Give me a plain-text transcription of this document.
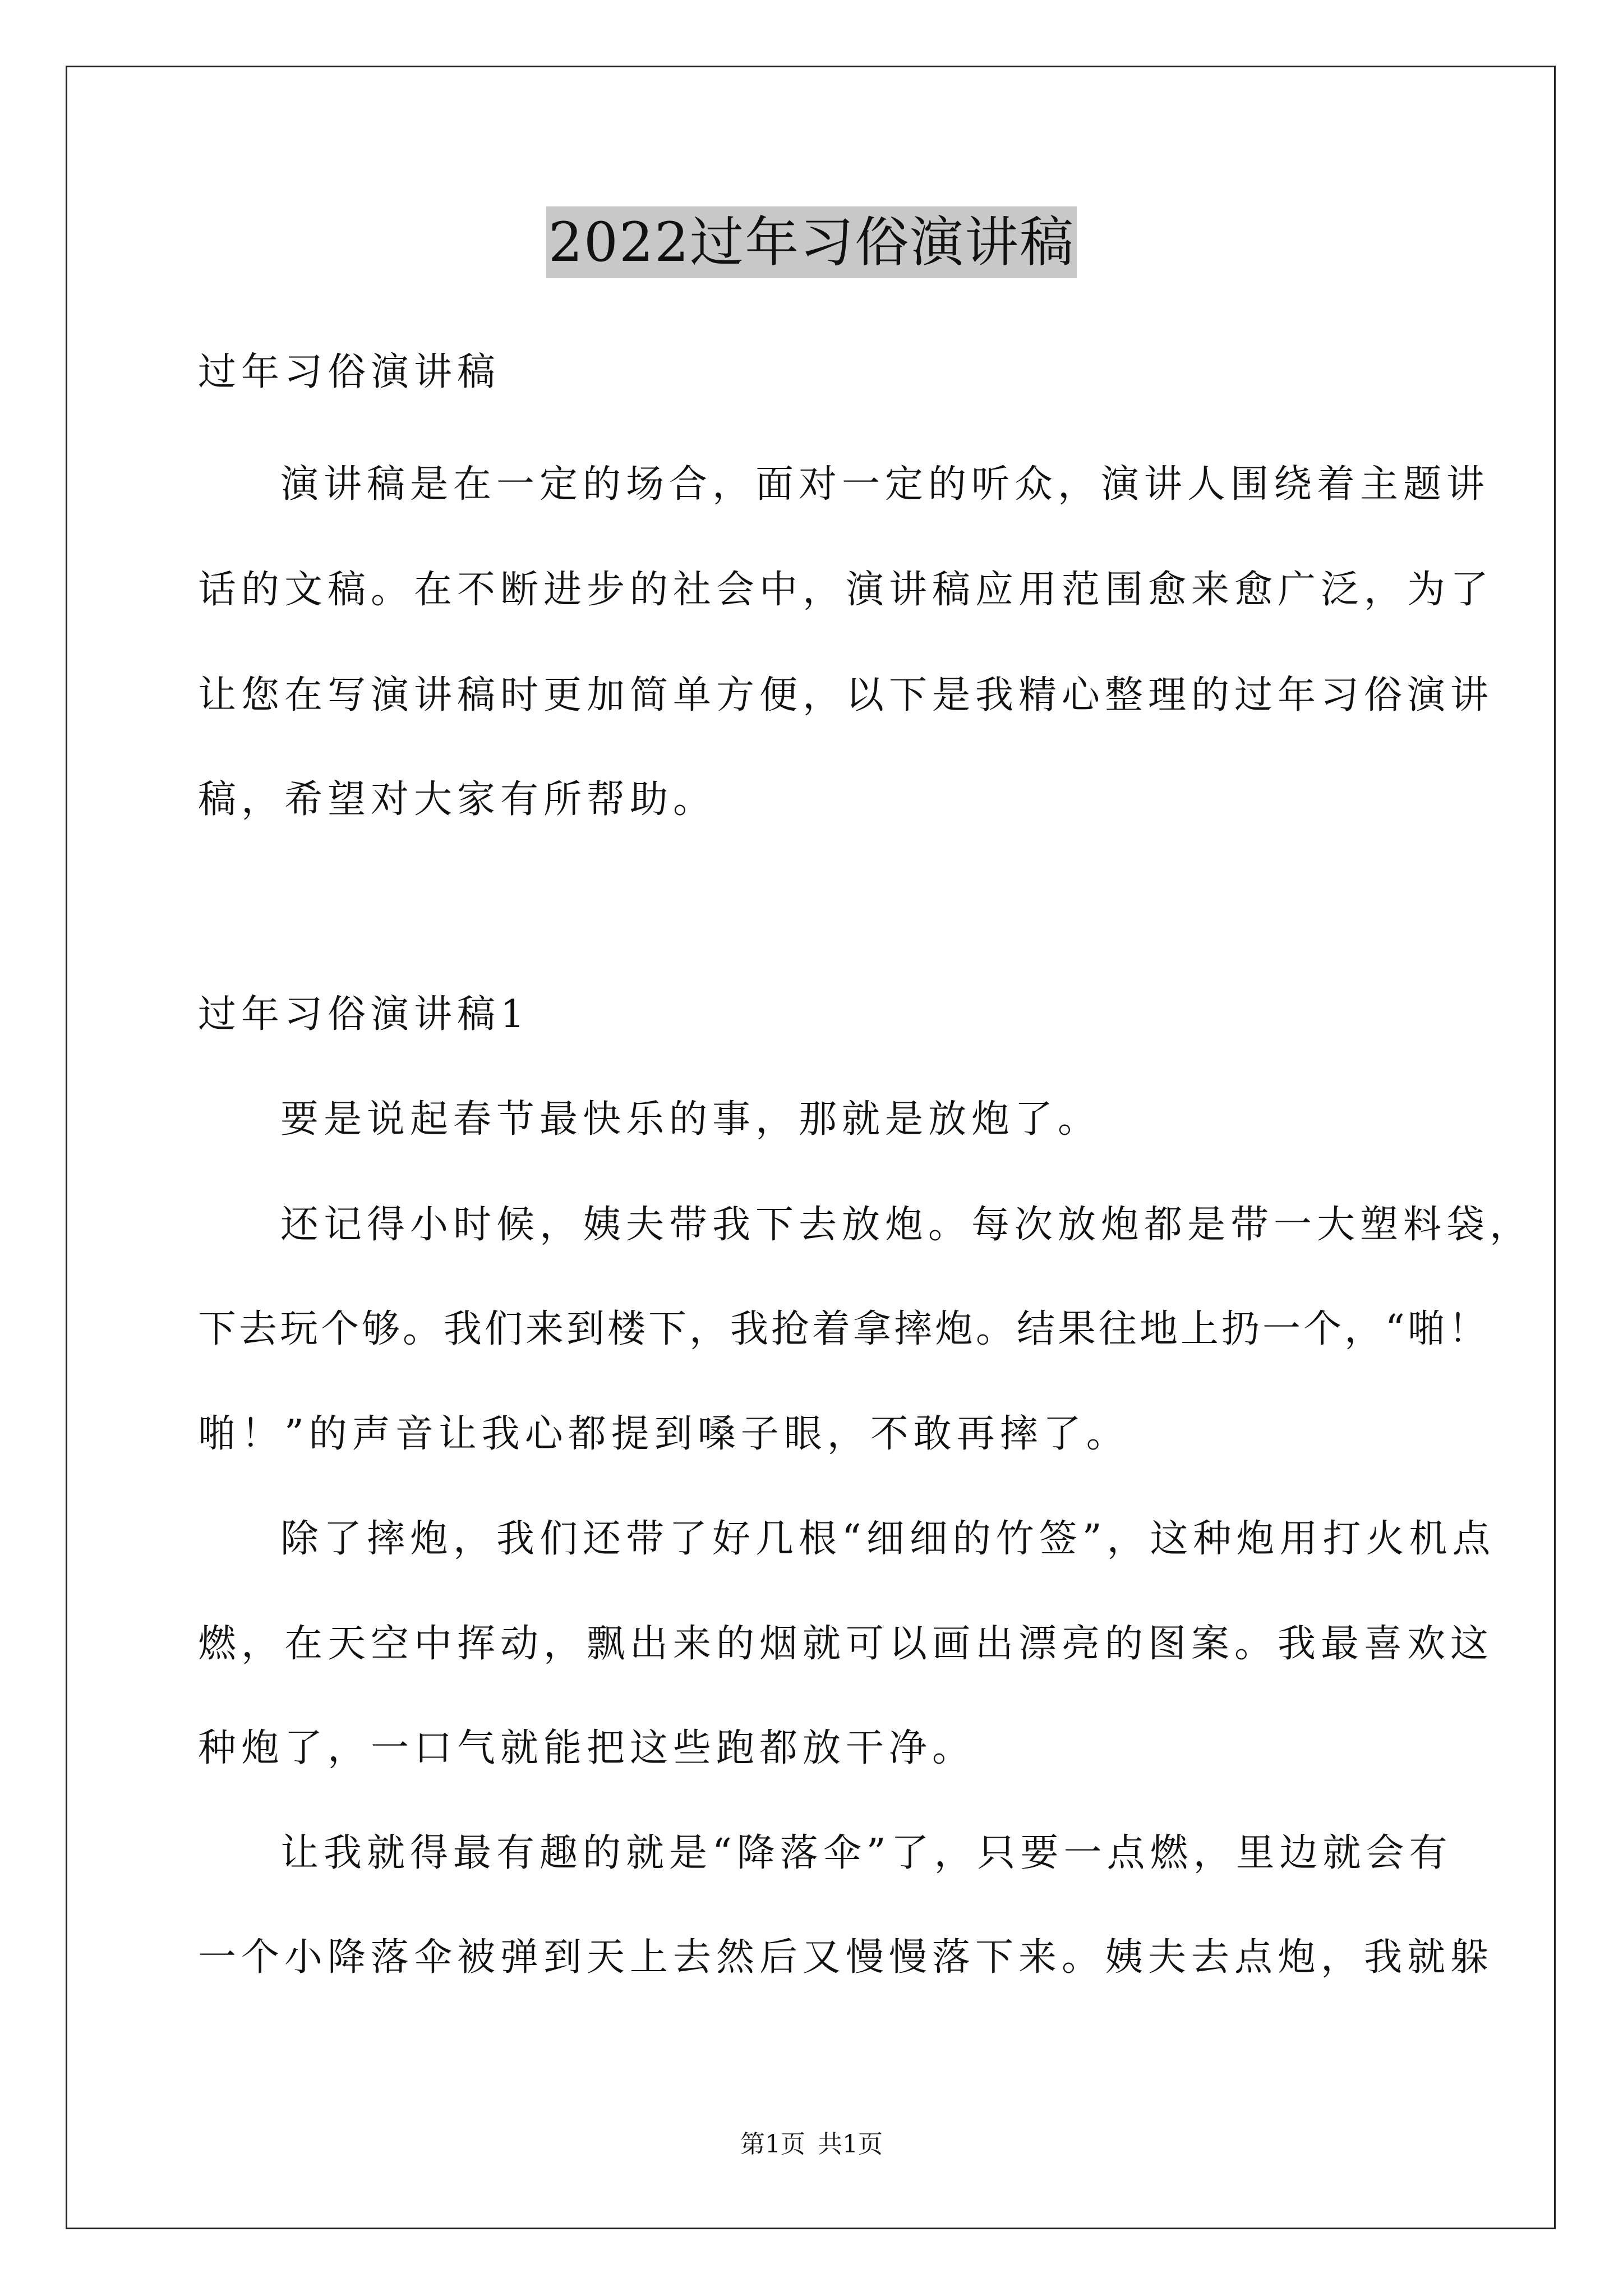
2022过年习俗演讲稿
过年习俗演讲稿
演讲稿是在一定的场合，面对一定的听众，演讲人围绕着主题讲
话的文稿。在不断进步的社会中，演讲稿应用范围愈来愈广泛，为了
让您在写演讲稿时更加简单方便，以下是我精心整理的过年习俗演讲
稿，希望对大家有所帮助。
过年习俗演讲稿1
要是说起春节最快乐的事，那就是放炮了。
还记得小时候，姨夫带我下去放炮。每次放炮都是带一大塑料袋，
下去玩个够。我们来到楼下，我抢着拿摔炮。结果往地上扔一个，“啪！
啪！”的声音让我心都提到嗓子眼，不敢再摔了。
除了摔炮，我们还带了好几根“细细的竹签”，这种炮用打火机点
燃，在天空中挥动，飘出来的烟就可以画出漂亮的图案。我最喜欢这
种炮了，一口气就能把这些跑都放干净。
让我就得最有趣的就是“降落伞”了，只要一点燃，里边就会有
一个小降落伞被弹到天上去然后又慢慢落下来。姨夫去点炮，我就躲
第1页 共1页
